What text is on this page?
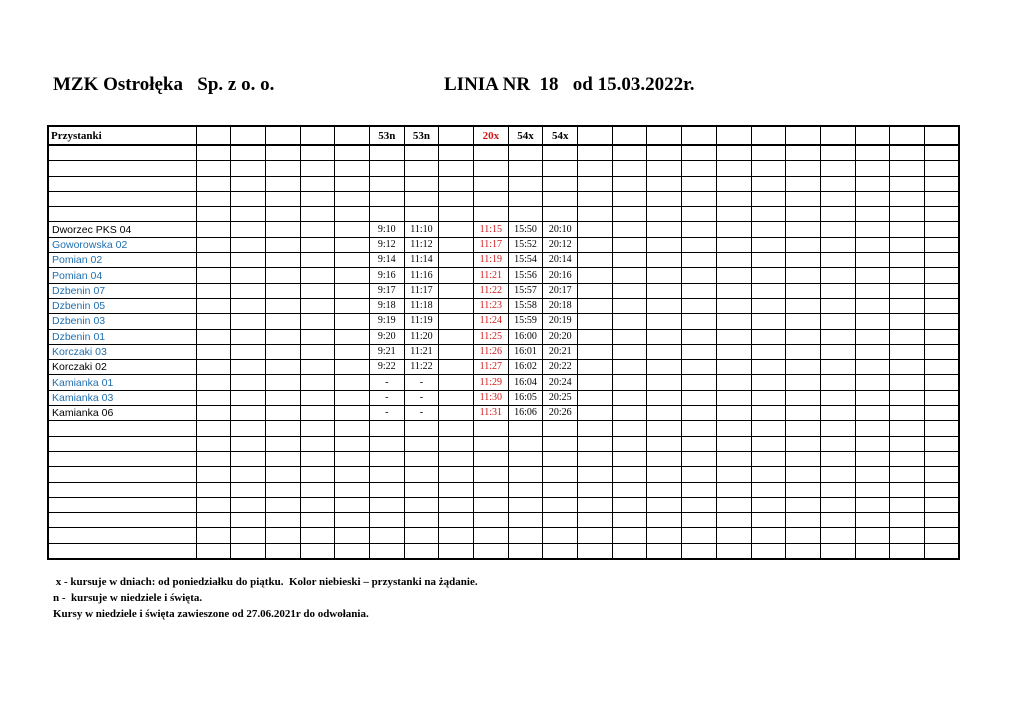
MZK Ostrołęka   Sp. z o. o.	LINIA NR  18   od 15.03.2022r.
Przystanki						53n	53n		20x	54x	54x											

Dworzec PKS 04						9:10	11:10		11:15	15:50	20:10											
Goworowska 02						9:12	11:12		11:17	15:52	20:12											
Pomian 02						9:14	11:14		11:19	15:54	20:14											
Pomian 04						9:16	11:16		11:21	15:56	20:16											
Dzbenin 07						9:17	11:17		11:22	15:57	20:17											
Dzbenin 05						9:18	11:18		11:23	15:58	20:18											
Dzbenin 03						9:19	11:19		11:24	15:59	20:19											
Dzbenin 01						9:20	11:20		11:25	16:00	20:20											
Korczaki 03						9:21	11:21		11:26	16:01	20:21											
Korczaki 02						9:22	11:22		11:27	16:02	20:22											
Kamianka 01						-	-		11:29	16:04	20:24											
Kamianka 03						-	-		11:30	16:05	20:25											
Kamianka 06						-	-		11:31	16:06	20:26											

x - kursuje w dniach: od poniedziałku do piątku.  Kolor niebieski – przystanki na żądanie.
n -  kursuje w niedziele i święta.
Kursy w niedziele i święta zawieszone od 27.06.2021r do odwołania.
